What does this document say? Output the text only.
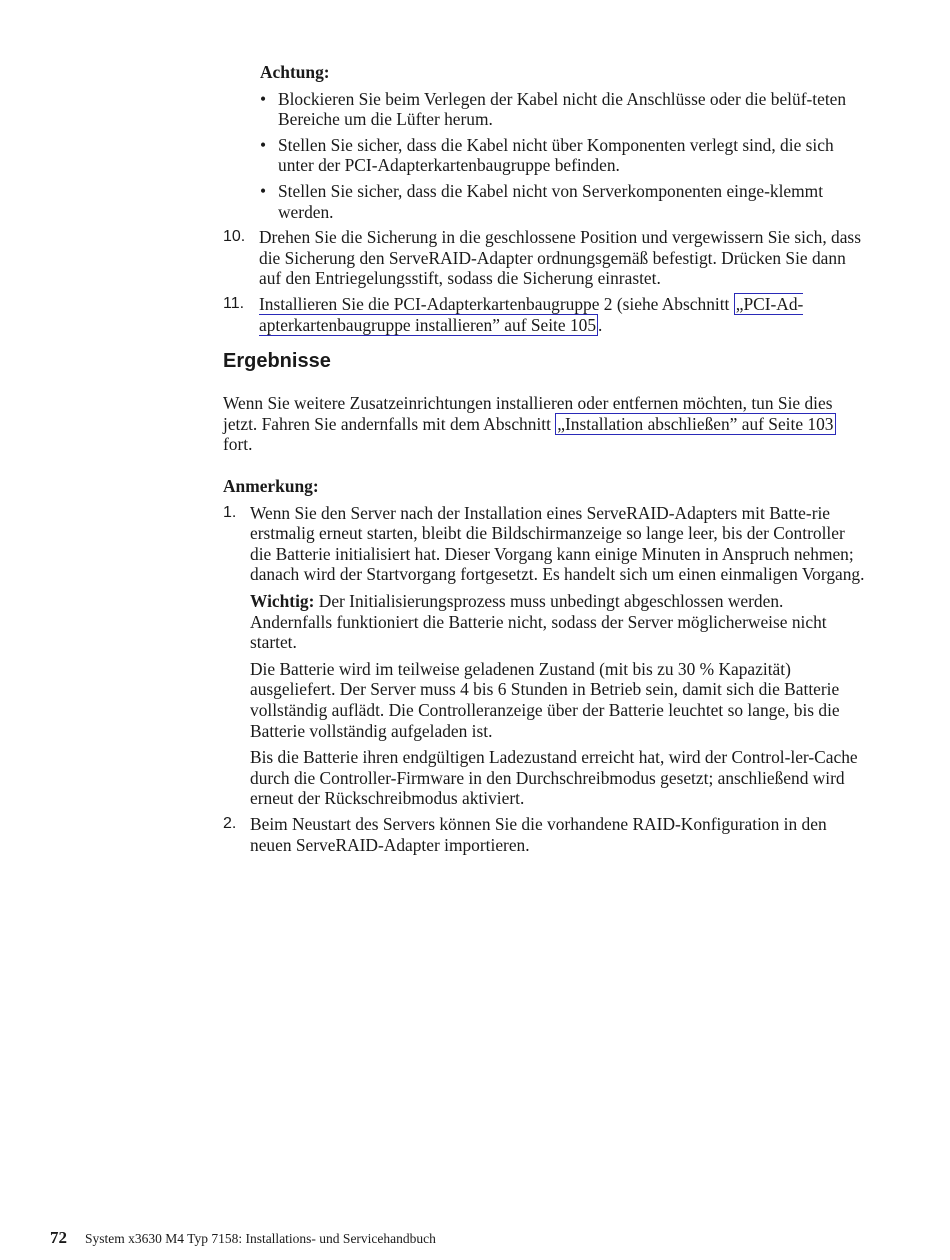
Achtung:

• Blockieren Sie beim Verlegen der Kabel nicht die Anschlüsse oder die belüf-teten Bereiche um die Lüfter herum.
• Stellen Sie sicher, dass die Kabel nicht über Komponenten verlegt sind, die sich unter der PCI-Adapterkartenbaugruppe befinden.
• Stellen Sie sicher, dass die Kabel nicht von Serverkomponenten einge-klemmt werden.
10. Drehen Sie die Sicherung in die geschlossene Position und vergewissern Sie sich, dass die Sicherung den ServeRAID-Adapter ordnungsgemäß befestigt. Drücken Sie dann auf den Entriegelungsstift, sodass die Sicherung einrastet.
11. Installieren Sie die PCI-Adapterkartenbaugruppe 2 (siehe Abschnitt „PCI-Ad-apterkartenbaugruppe installieren” auf Seite 105 .
Ergebnisse

Wenn Sie weitere Zusatzeinrichtungen installieren oder entfernen möchten, tun Sie dies jetzt. Fahren Sie andernfalls mit dem Abschnitt „Installation abschließen” auf Seite 103 fort.

Anmerkung:

1. Wenn Sie den Server nach der Installation eines ServeRAID-Adapters mit Batte-rie erstmalig erneut starten, bleibt die Bildschirmanzeige so lange leer, bis der Controller die Batterie initialisiert hat. Dieser Vorgang kann einige Minuten in Anspruch nehmen; danach wird der Startvorgang fortgesetzt. Es handelt sich um einen einmaligen Vorgang.

Wichtig: Der Initialisierungsprozess muss unbedingt abgeschlossen werden. Andernfalls funktioniert die Batterie nicht, sodass der Server möglicherweise nicht startet.

Die Batterie wird im teilweise geladenen Zustand (mit bis zu 30 % Kapazität) ausgeliefert. Der Server muss 4 bis 6 Stunden in Betrieb sein, damit sich die Batterie vollständig auflädt. Die Controlleranzeige über der Batterie leuchtet so lange, bis die Batterie vollständig aufgeladen ist.

Bis die Batterie ihren endgültigen Ladezustand erreicht hat, wird der Control-ler-Cache durch die Controller-Firmware in den Durchschreibmodus gesetzt; anschließend wird erneut der Rückschreibmodus aktiviert.

2. Beim Neustart des Servers können Sie die vorhandene RAID-Konfiguration in den neuen ServeRAID-Adapter importieren.

72 System x3630 M4 Typ 7158: Installations- und Servicehandbuch
